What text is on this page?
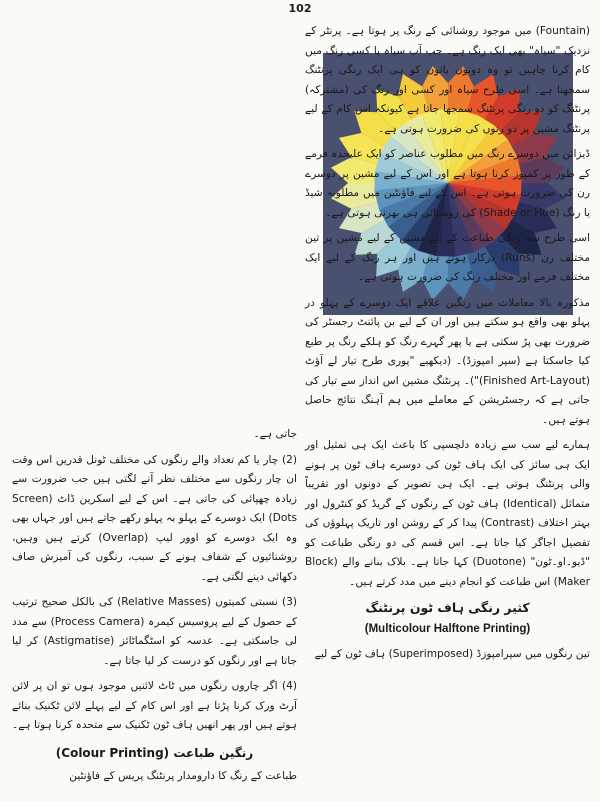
102

(Fountain) میں موجود روشنائی کے رنگ پر ہوتا ہے۔ پرنٹر کے نزدیک "سیاہ" بھی ایک رنگ ہے۔ جب آپ سیاہ یا کسی رنگ میں کام کرنا چاہیں تو وہ دونوں باتوں کو ہی ایک رنگی پرنٹنگ سمجھتا ہے۔ اسی طرح سیاہ اور کسی اور رنگ کی (مشترکہ) پرنٹنگ کو دو رنگی پرنٹنگ سمجھا جاتا ہے کیونکہ اس کام کے لیے پرنٹنگ مشین پر دو رنوں کی ضرورت ہوتی ہے۔

ڈیزائن میں دوسرے رنگ میں مطلوب عناصر کو ایک علیحدہ فرمے کے طور پر کمپوز کرنا ہوتا ہے اور اس کے لیے مشین پر دوسرے رن کی ضرورت ہوتی ہے۔ اس کے لیے فاؤنٹین میں مطلوبہ شیڈ یا رنگ (Shade or Hue) کی روشنائی ہی بھرنی ہوتی ہے۔

اسی طرح سہ رنگی طباعت کے لیے مشین کے لیے مشین پر تین مختلف رن (Runs) درکار ہوتے ہیں اور ہر رنگ کے لیے ایک مختلف فرمے اور مختلف رنگ کی ضرورت ہوتی ہے۔

مذکورہ بالا معاملات میں رنگین علاقے ایک دوسرے کے پہلو در پہلو بھی واقع ہو سکتے ہیں اور ان کے لیے بن پائنٹ رجسٹر کی ضرورت بھی پڑ سکتی ہے یا پھر گہرے رنگ کو ہلکے رنگ پر طبع کیا جاسکتا ہے (سپر امپوزڈ)۔ (دیکھیے "پوری طرح تیار لے آؤٹ (Finished Art-Layout)")۔ پرنٹنگ مشین اس انداز سے تیار کی جاتی ہے کہ رجسٹریشن کے معاملے میں ہم آہنگ نتائج حاصل ہوتے ہیں۔

ہمارے لیے سب سے زیادہ دلچسپی کا باعث ایک ہی تمثیل اور ایک ہی سائز کی ایک ہاف ٹون کی دوسرے ہاف ٹون پر ہونے والی پرنٹنگ ہوتی ہے۔ ایک ہی تصویر کے دونوں اور تقریباً متماثل (Identical) ہاف ٹون کے رنگوں کے گریڈ کو کنٹرول اور بہتر اختلاف (Contrast) پیدا کر کے روشن اور تاریک پہلوؤں کی تفصیل اجاگر کیا جاتا ہے۔ اس قسم کی دو رنگی طباعت کو "ڈیو۔او۔ٹون" (Duotone) کہا جاتا ہے۔ بلاک بنانے والے (Block Maker) اس طباعت کو انجام دینے میں مدد کرتے ہیں۔

کثیر رنگی ہاف ٹون پرنٹنگ
(Multicolour Halftone Printing)

تین رنگوں میں سپرامپوزڈ (Superimposed) ہاف ٹون کے لیے

جاتی ہے۔

(2) چار یا کم تعداد والے رنگوں کی مختلف ٹونل قدریں اس وقت ان چار رنگوں سے مختلف نظر آنے لگتی ہیں جب ضرورت سے زیادہ چھپائی کی جاتی ہے۔ اس کے لیے اسکرین ڈاٹ (Screen Dots) ایک دوسرے کے پہلو بہ پہلو رکھے جاتے ہیں اور جہاں بھی وہ ایک دوسرے کو اوور لیپ (Overlap) کرتے ہیں وہیں، روشنائیوں کے شفاف ہونے کے سبب، رنگوں کی آمیزش صاف دکھائی دینے لگتی ہے۔

(3) نسبتی کمیتوں (Relative Masses) کی بالکل صحیح ترتیب کے حصول کے لیے پروسیس کیمرہ (Process Camera) سے مدد لی جاسکتی ہے۔ عدسہ کو اسٹگماٹائز (Astigmatise) کر لیا جاتا ہے اور رنگوں کو درست کر لیا جاتا ہے۔

(4) اگر چاروں رنگوں میں ٹاٹ لائنیں موجود ہوں تو ان پر لائن آرٹ ورک کرنا پڑتا ہے اور اس کام کے لیے پہلے لائن ٹکنیک بنائے ہوتے ہیں اور پھر انھیں ہاف ٹون ٹکنیک سے متحدہ کرنا ہوتا ہے۔

رنگین طباعت (Colour Printing)

طباعت کے رنگ کا دارومدار پرنٹنگ پریس کے فاؤنٹین
